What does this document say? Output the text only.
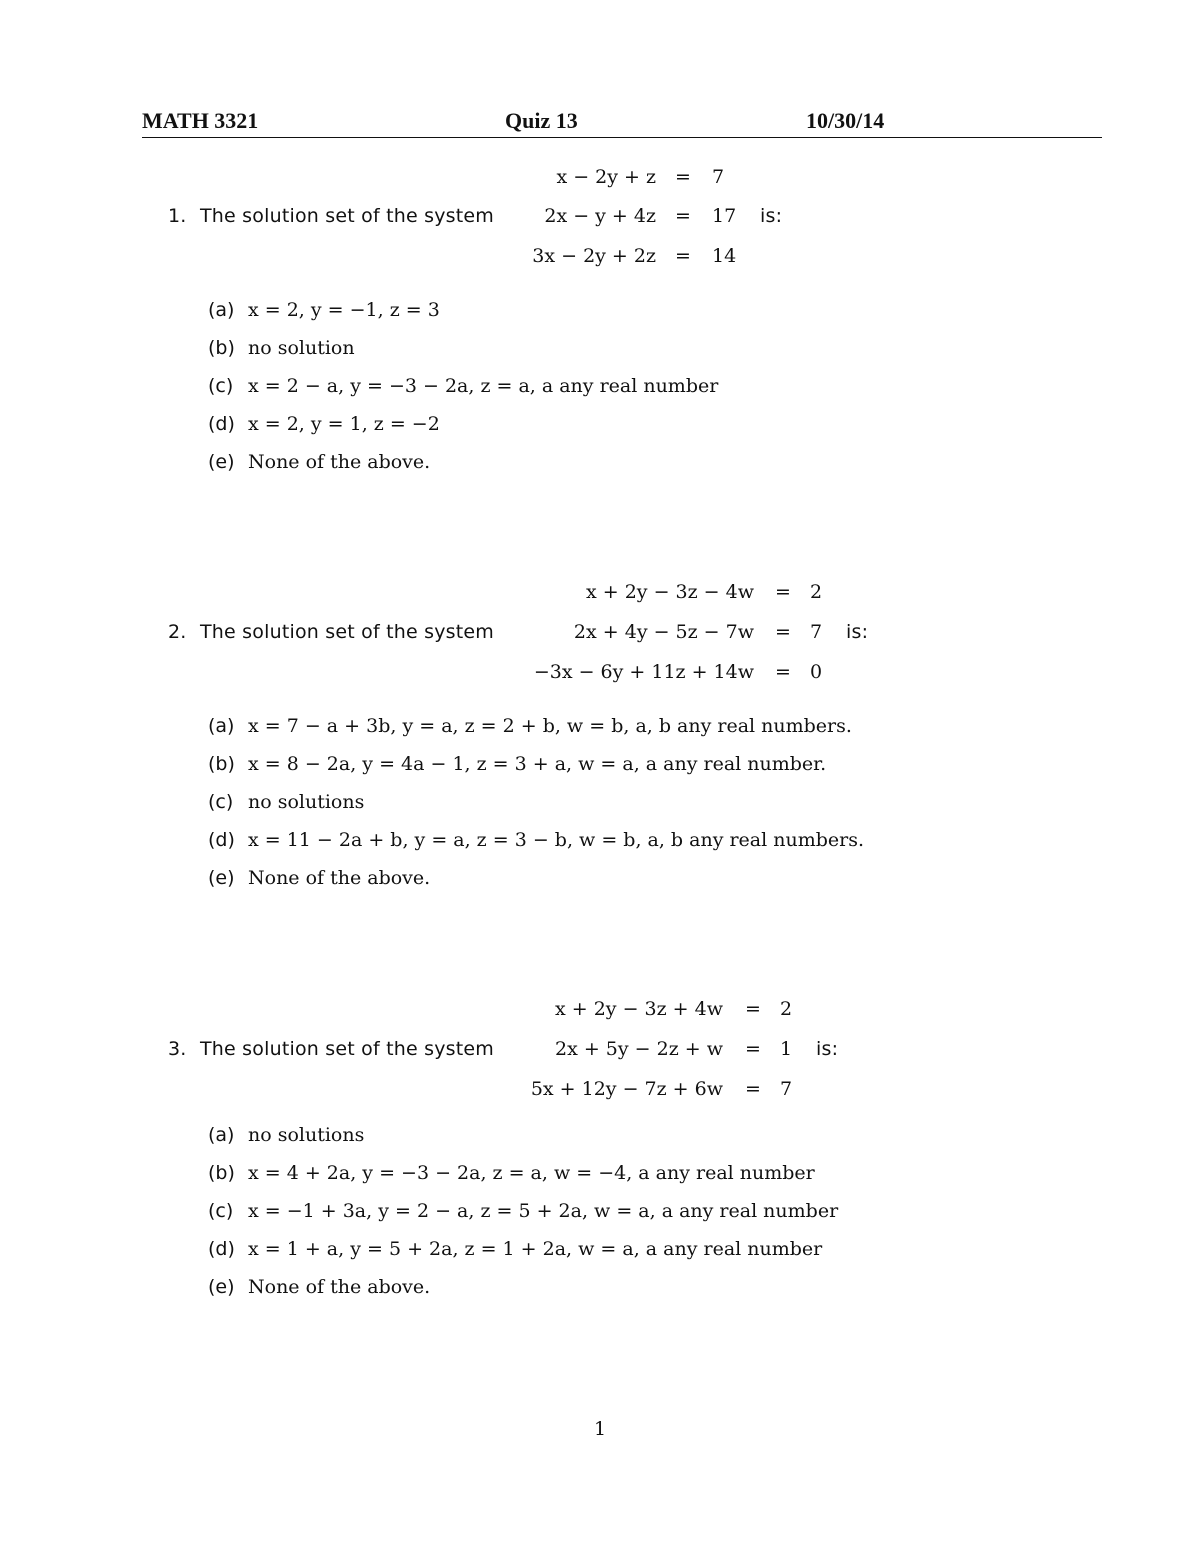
MATH 3321	Quiz 13	10/30/14
1. The solution set of the system
x − 2y + z = 7
2x − y + 4z = 17 is:
3x − 2y + 2z = 14
(a) x = 2, y = −1, z = 3
(b) no solution
(c) x = 2 − a, y = −3 − 2a, z = a, a any real number
(d) x = 2, y = 1, z = −2
(e) None of the above.
2. The solution set of the system
x + 2y − 3z − 4w = 2
2x + 4y − 5z − 7w = 7 is:
−3x − 6y + 11z + 14w = 0
(a) x = 7 − a + 3b, y = a, z = 2 + b, w = b, a, b any real numbers.
(b) x = 8 − 2a, y = 4a − 1, z = 3 + a, w = a, a any real number.
(c) no solutions
(d) x = 11 − 2a + b, y = a, z = 3 − b, w = b, a, b any real numbers.
(e) None of the above.
3. The solution set of the system
x + 2y − 3z + 4w = 2
2x + 5y − 2z + w = 1 is:
5x + 12y − 7z + 6w = 7
(a) no solutions
(b) x = 4 + 2a, y = −3 − 2a, z = a, w = −4, a any real number
(c) x = −1 + 3a, y = 2 − a, z = 5 + 2a, w = a, a any real number
(d) x = 1 + a, y = 5 + 2a, z = 1 + 2a, w = a, a any real number
(e) None of the above.
1
